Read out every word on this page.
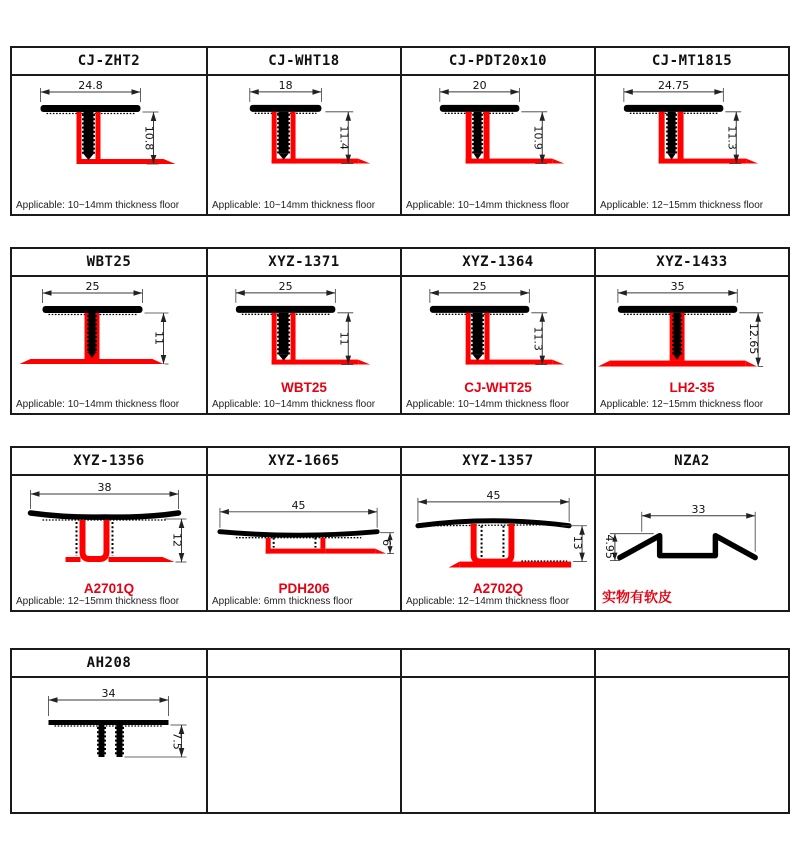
CJ-ZHT2
24.8
10.8
Applicable: 10~14mm thickness floor
CJ-WHT18
18
11.4
Applicable: 10~14mm thickness floor
CJ-PDT20x10
20
10.9
Applicable: 10~14mm thickness floor
CJ-MT1815
24.75
11.3
Applicable: 12~15mm thickness floor
WBT25
25
11
Applicable: 10~14mm thickness floor
XYZ-1371
25
11
WBT25
Applicable: 10~14mm thickness floor
XYZ-1364
25
11.3
CJ-WHT25
Applicable: 10~14mm thickness floor
XYZ-1433
35
12.65
LH2-35
Applicable: 12~15mm thickness floor
XYZ-1356
38
12
A2701Q
Applicable: 12~15mm thickness floor
XYZ-1665
45
6
PDH206
Applicable: 6mm thickness floor
XYZ-1357
45
13
A2702Q
Applicable: 12~14mm thickness floor
NZA2
33
4.95
实物有软皮
AH208
34
7.5
